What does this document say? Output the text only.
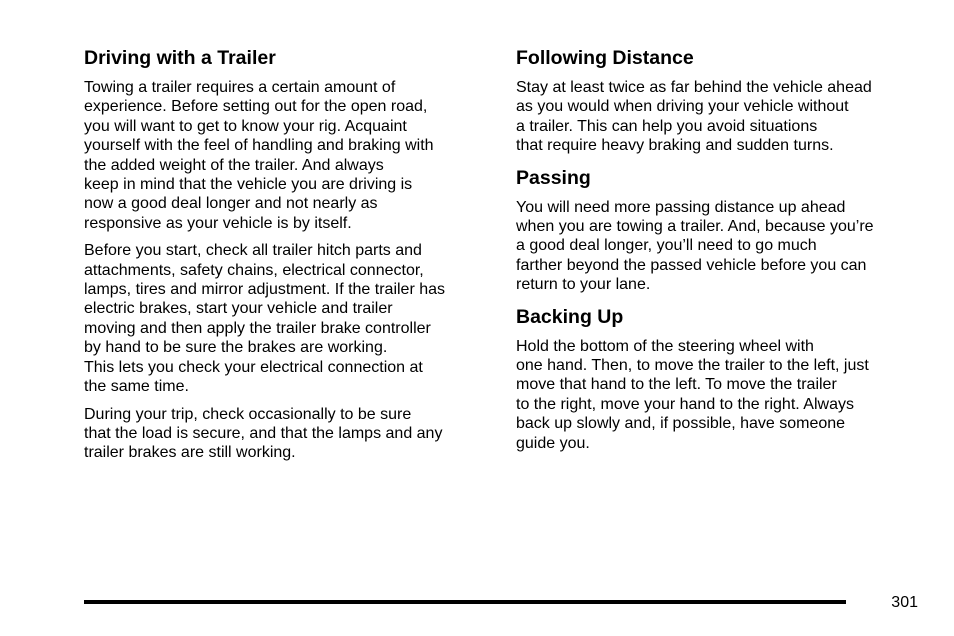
Driving with a Trailer

Towing a trailer requires a certain amount of
experience. Before setting out for the open road,
you will want to get to know your rig. Acquaint
yourself with the feel of handling and braking with
the added weight of the trailer. And always
keep in mind that the vehicle you are driving is
now a good deal longer and not nearly as
responsive as your vehicle is by itself.

Before you start, check all trailer hitch parts and
attachments, safety chains, electrical connector,
lamps, tires and mirror adjustment. If the trailer has
electric brakes, start your vehicle and trailer
moving and then apply the trailer brake controller
by hand to be sure the brakes are working.
This lets you check your electrical connection at
the same time.

During your trip, check occasionally to be sure
that the load is secure, and that the lamps and any
trailer brakes are still working.

Following Distance

Stay at least twice as far behind the vehicle ahead
as you would when driving your vehicle without
a trailer. This can help you avoid situations
that require heavy braking and sudden turns.

Passing

You will need more passing distance up ahead
when you are towing a trailer. And, because you’re
a good deal longer, you’ll need to go much
farther beyond the passed vehicle before you can
return to your lane.

Backing Up

Hold the bottom of the steering wheel with
one hand. Then, to move the trailer to the left, just
move that hand to the left. To move the trailer
to the right, move your hand to the right. Always
back up slowly and, if possible, have someone
guide you.

301
